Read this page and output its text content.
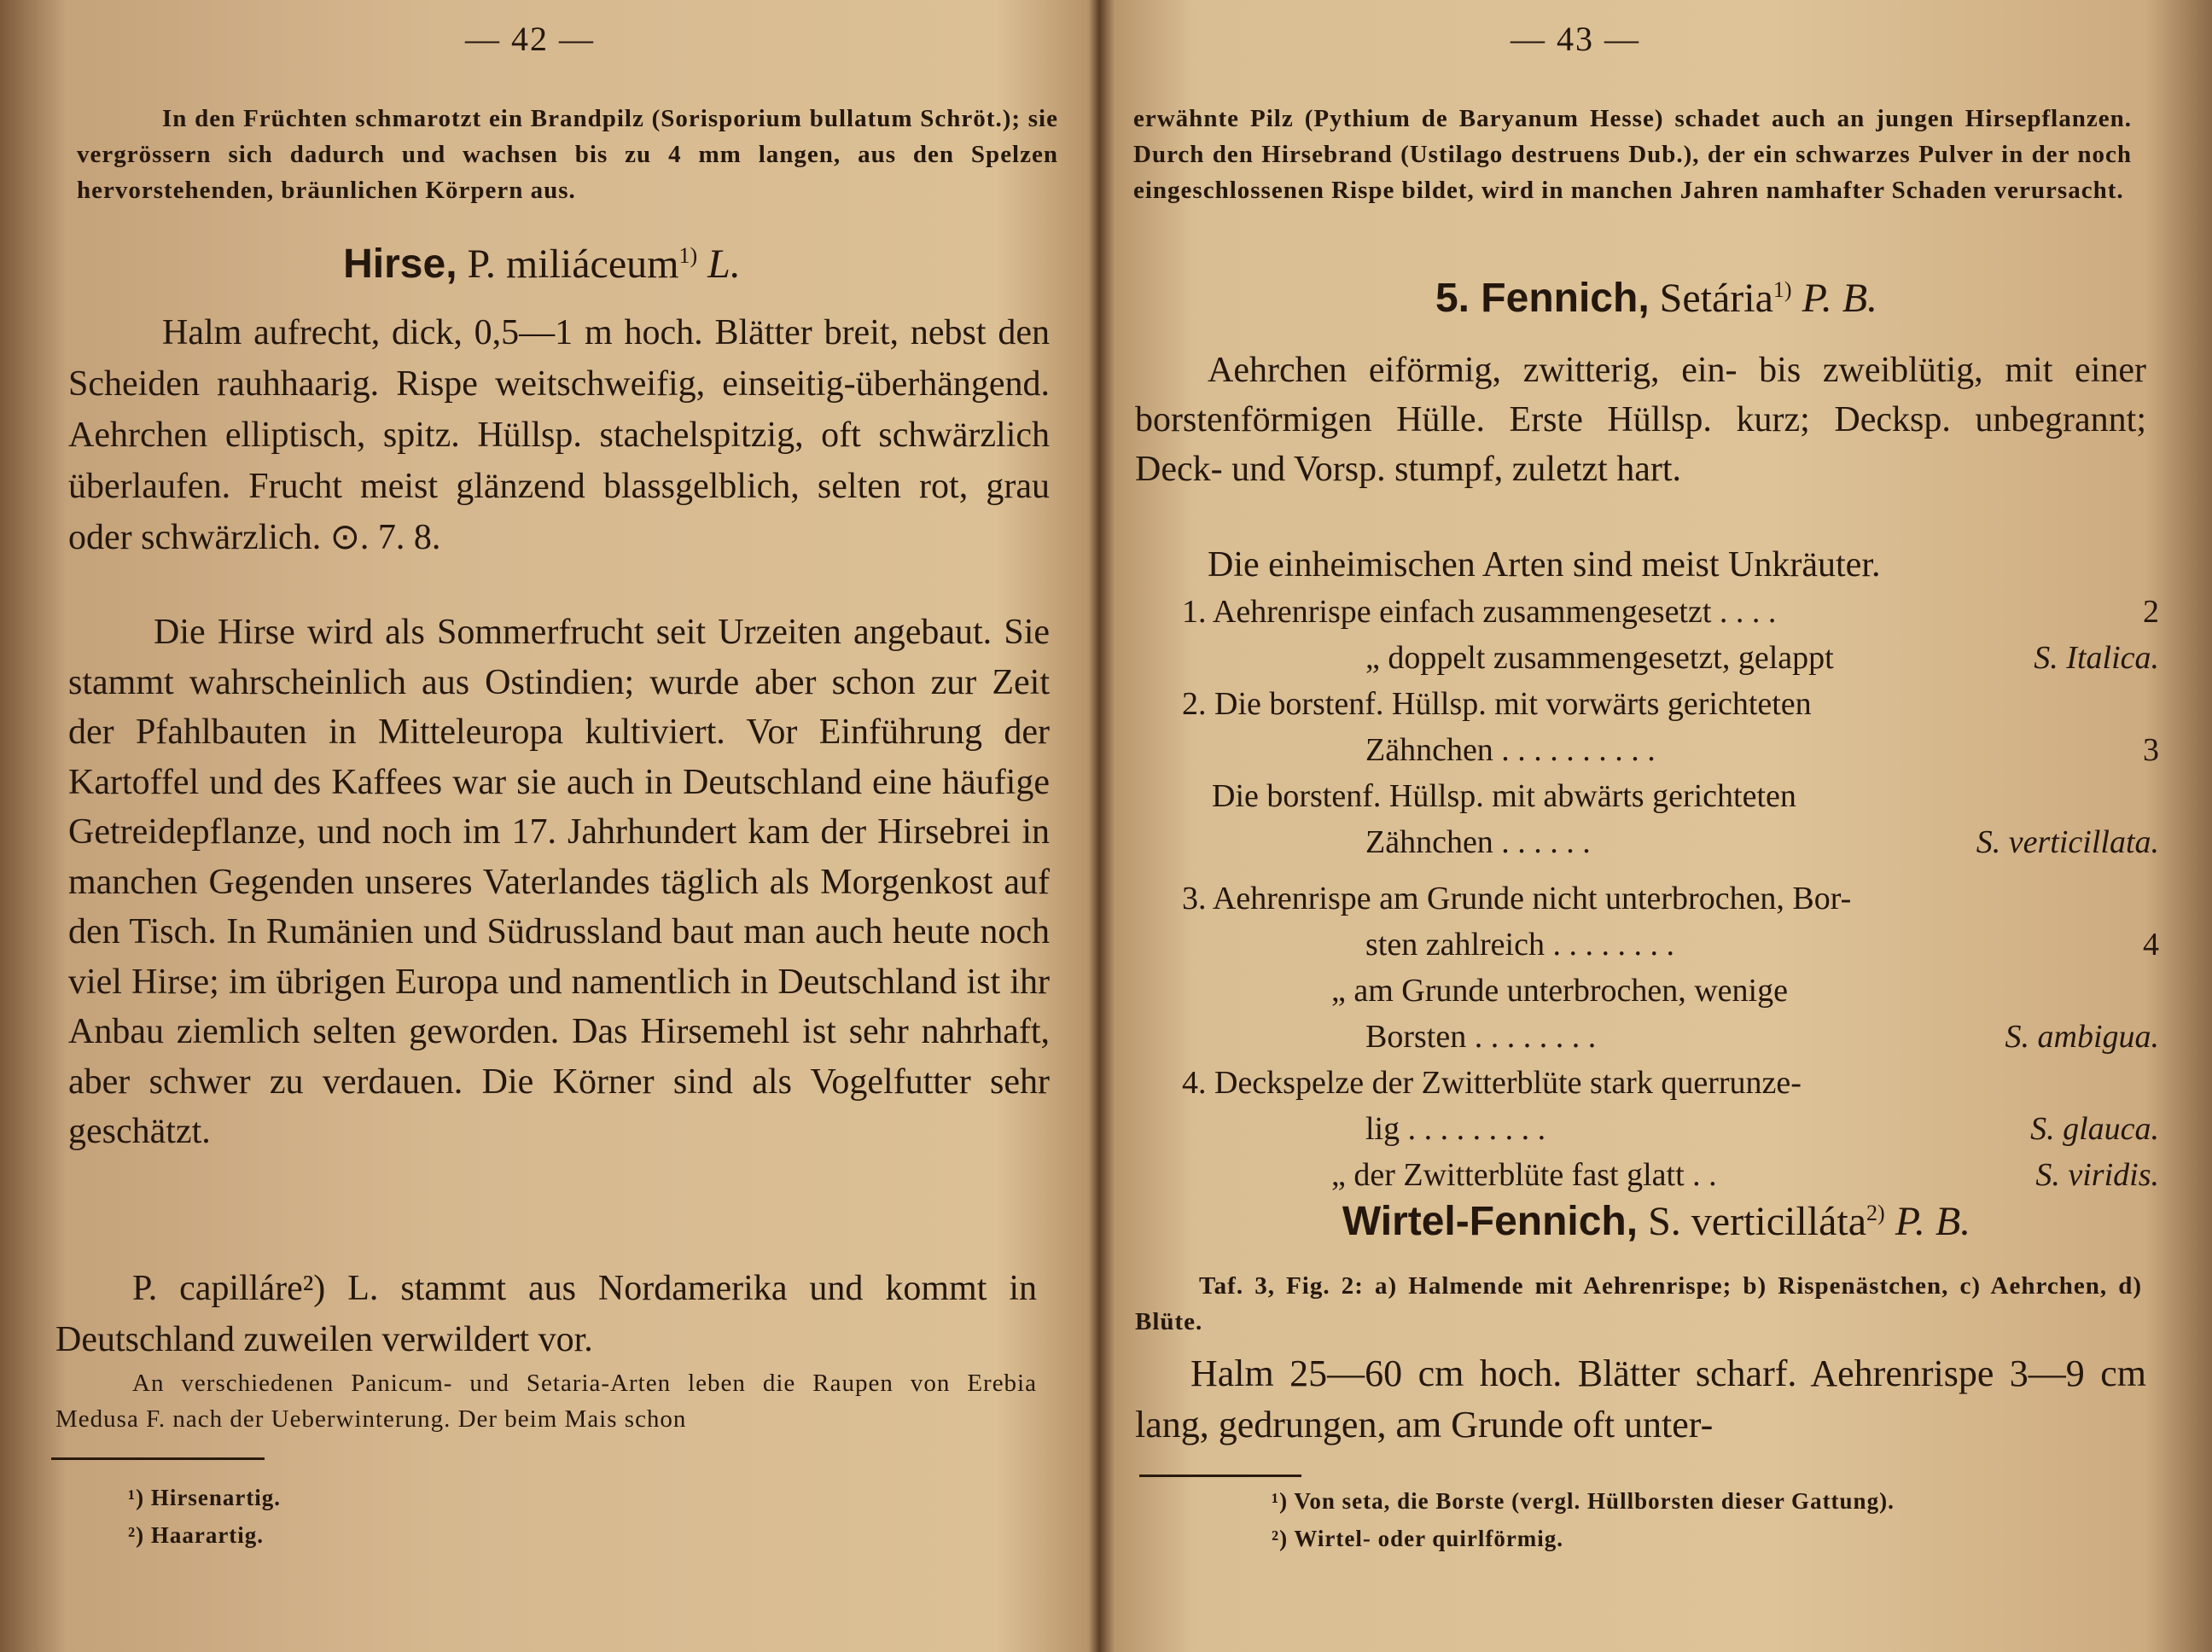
— 42 —

In den Früchten schmarotzt ein Brandpilz (Sorisporium bullatum Schröt.); sie vergrössern sich dadurch und wachsen bis zu 4 mm langen, aus den Spelzen hervorstehenden, bräunlichen Körpern aus.

Hirse, P. miliáceum$^{1)}$ L.

Halm aufrecht, dick, 0,5—1 m hoch. Blätter breit, nebst den Scheiden rauhhaarig. Rispe weitschweifig, einseitig-überhängend. Aehrchen elliptisch, spitz. Hüllsp. stachelspitzig, oft schwärzlich überlaufen. Frucht meist glänzend blassgelblich, selten rot, grau oder schwärzlich. ⊙. 7. 8.

Die Hirse wird als Sommerfrucht seit Urzeiten angebaut. Sie stammt wahrscheinlich aus Ostindien; wurde aber schon zur Zeit der Pfahlbauten in Mitteleuropa kultiviert. Vor Einführung der Kartoffel und des Kaffees war sie auch in Deutschland eine häufige Getreidepflanze, und noch im 17. Jahrhundert kam der Hirsebrei in manchen Gegenden unseres Vaterlandes täglich als Morgenkost auf den Tisch. In Rumänien und Südrussland baut man auch heute noch viel Hirse; im übrigen Europa und namentlich in Deutschland ist ihr Anbau ziemlich selten geworden. Das Hirsemehl ist sehr nahrhaft, aber schwer zu verdauen. Die Körner sind als Vogelfutter sehr geschätzt.

P. capilláre²) L. stammt aus Nordamerika und kommt in Deutschland zuweilen verwildert vor.

An verschiedenen Panicum- und Setaria-Arten leben die Raupen von Erebia Medusa F. nach der Ueberwinterung. Der beim Mais schon

¹) Hirsenartig.

²) Haarartig.

— 43 —

erwähnte Pilz (Pythium de Baryanum Hesse) schadet auch an jungen Hirsepflanzen. Durch den Hirsebrand (Ustilago destruens Dub.), der ein schwarzes Pulver in der noch eingeschlossenen Rispe bildet, wird in manchen Jahren namhafter Schaden verursacht.

5. Fennich, Setária$^{1)}$ P. B.

Aehrchen eiförmig, zwitterig, ein- bis zweiblütig, mit einer borstenförmigen Hülle. Erste Hüllsp. kurz; Decksp. unbegrannt; Deck- und Vorsp. stumpf, zuletzt hart.

Die einheimischen Arten sind meist Unkräuter.

1. Aehrenrispe einfach zusammengesetzt . . . .	2
„ doppelt zusammengesetzt, gelappt	S. Italica.
2. Die borstenf. Hüllsp. mit vorwärts gerichteten
Zähnchen . . . . . . . . . .	3
Die borstenf. Hüllsp. mit abwärts gerichteten
Zähnchen . . . . . .	S. verticillata.
3. Aehrenrispe am Grunde nicht unterbrochen, Bor-
sten zahlreich . . . . . . . .	4
„ am Grunde unterbrochen, wenige
Borsten . . . . . . . .	S. ambigua.
4. Deckspelze der Zwitterblüte stark querrunze-
lig . . . . . . . . .	S. glauca.
„ der Zwitterblüte fast glatt . .	S. viridis.
Wirtel-Fennich, S. verticilláta$^{2)}$ P. B.

Taf. 3, Fig. 2: a) Halmende mit Aehrenrispe; b) Rispenästchen, c) Aehrchen, d) Blüte.

Halm 25—60 cm hoch. Blätter scharf. Aehrenrispe 3—9 cm lang, gedrungen, am Grunde oft unter-

¹) Von seta, die Borste (vergl. Hüllborsten dieser Gattung).

²) Wirtel- oder quirlförmig.
